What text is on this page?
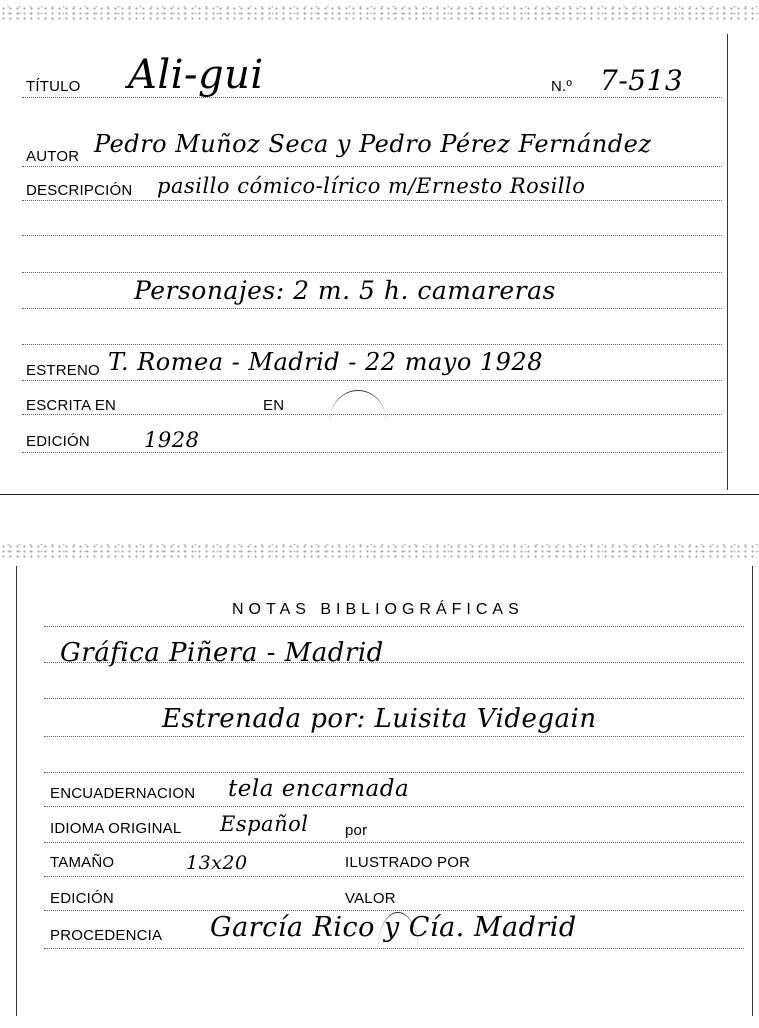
TÍTULO Ali-gui	N.º 7-513
AUTOR Pedro Muñoz Seca y Pedro Pérez Fernández
DESCRIPCIÓN pasillo cómico-lírico m/Ernesto Rosillo
Personajes: 2 m. 5 h. camareras
ESTRENO T. Romea - Madrid - 22 mayo 1928
ESCRITA EN	EN
EDICIÓN	1928
NOTAS BIBLIOGRÁFICAS
Gráfica Piñera - Madrid
Estrenada por: Luisita Videgain
ENCUADERNACION tela encarnada
IDIOMA ORIGINAL Español por
TAMAÑO	13x20	ILUSTRADO POR
EDICIÓN	VALOR
PROCEDENCIA García Rico y Cía. Madrid
